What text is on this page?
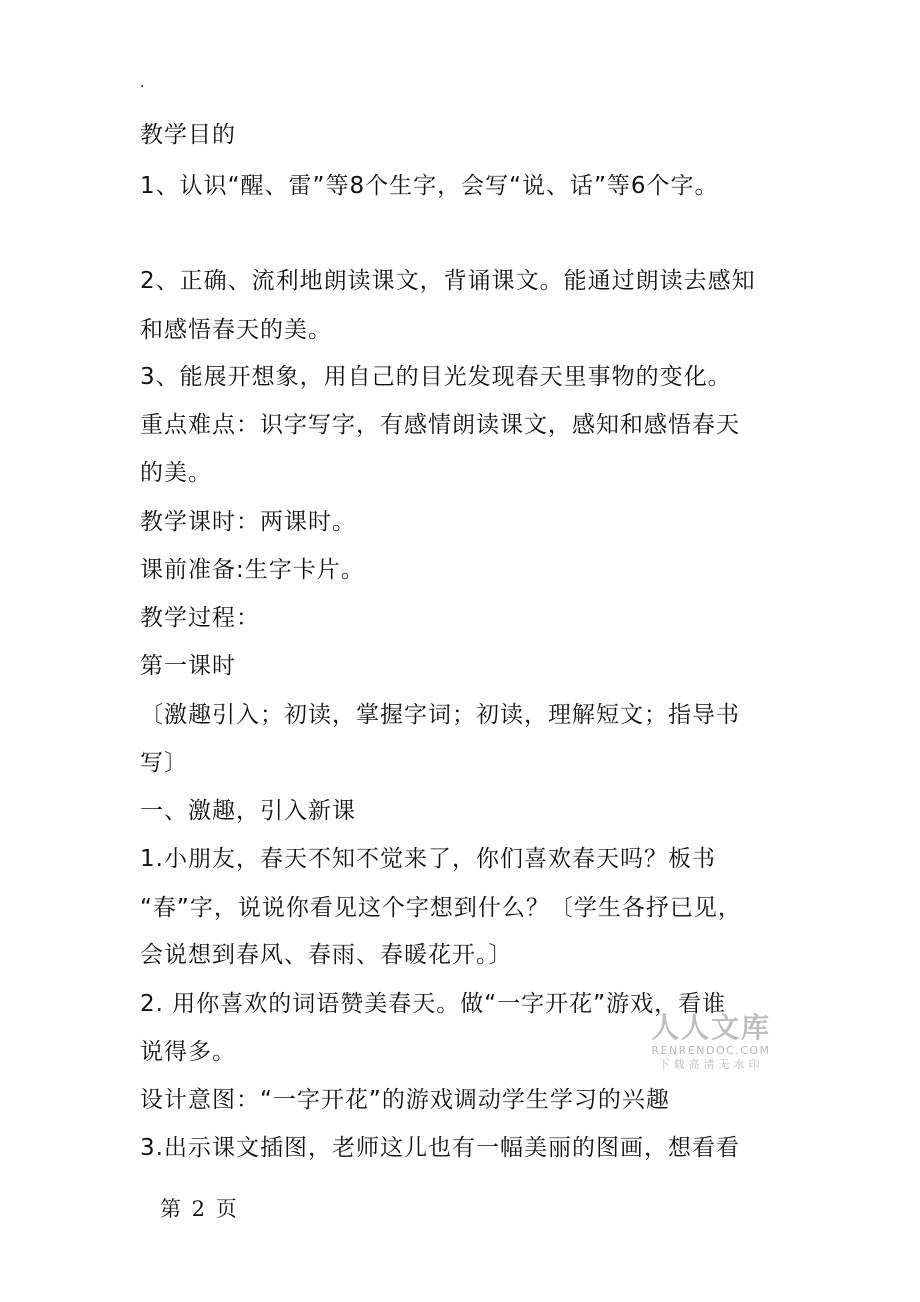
.
教学目的
1、认识“醒、雷”等8个生字，会写“说、话”等6个字。
2、正确、流利地朗读课文，背诵课文。能通过朗读去感知
和感悟春天的美。
3、能展开想象，用自己的目光发现春天里事物的变化。
重点难点：识字写字，有感情朗读课文，感知和感悟春天
的美。
教学课时：两课时。
课前准备:生字卡片。
教学过程：
第一课时
〔激趣引入；初读，掌握字词；初读，理解短文；指导书
写〕
一、激趣，引入新课
1.小朋友，春天不知不觉来了，你们喜欢春天吗？板书
“春”字，说说你看见这个字想到什么？〔学生各抒已见，
会说想到春风、春雨、春暖花开。〕
2. 用你喜欢的词语赞美春天。做“一字开花”游戏，看谁
说得多。
设计意图：“一字开花”的游戏调动学生学习的兴趣
3.出示课文插图，老师这儿也有一幅美丽的图画，想看看
人人文库
RENRENDOC.COM
下载高清无水印
第 2 页
